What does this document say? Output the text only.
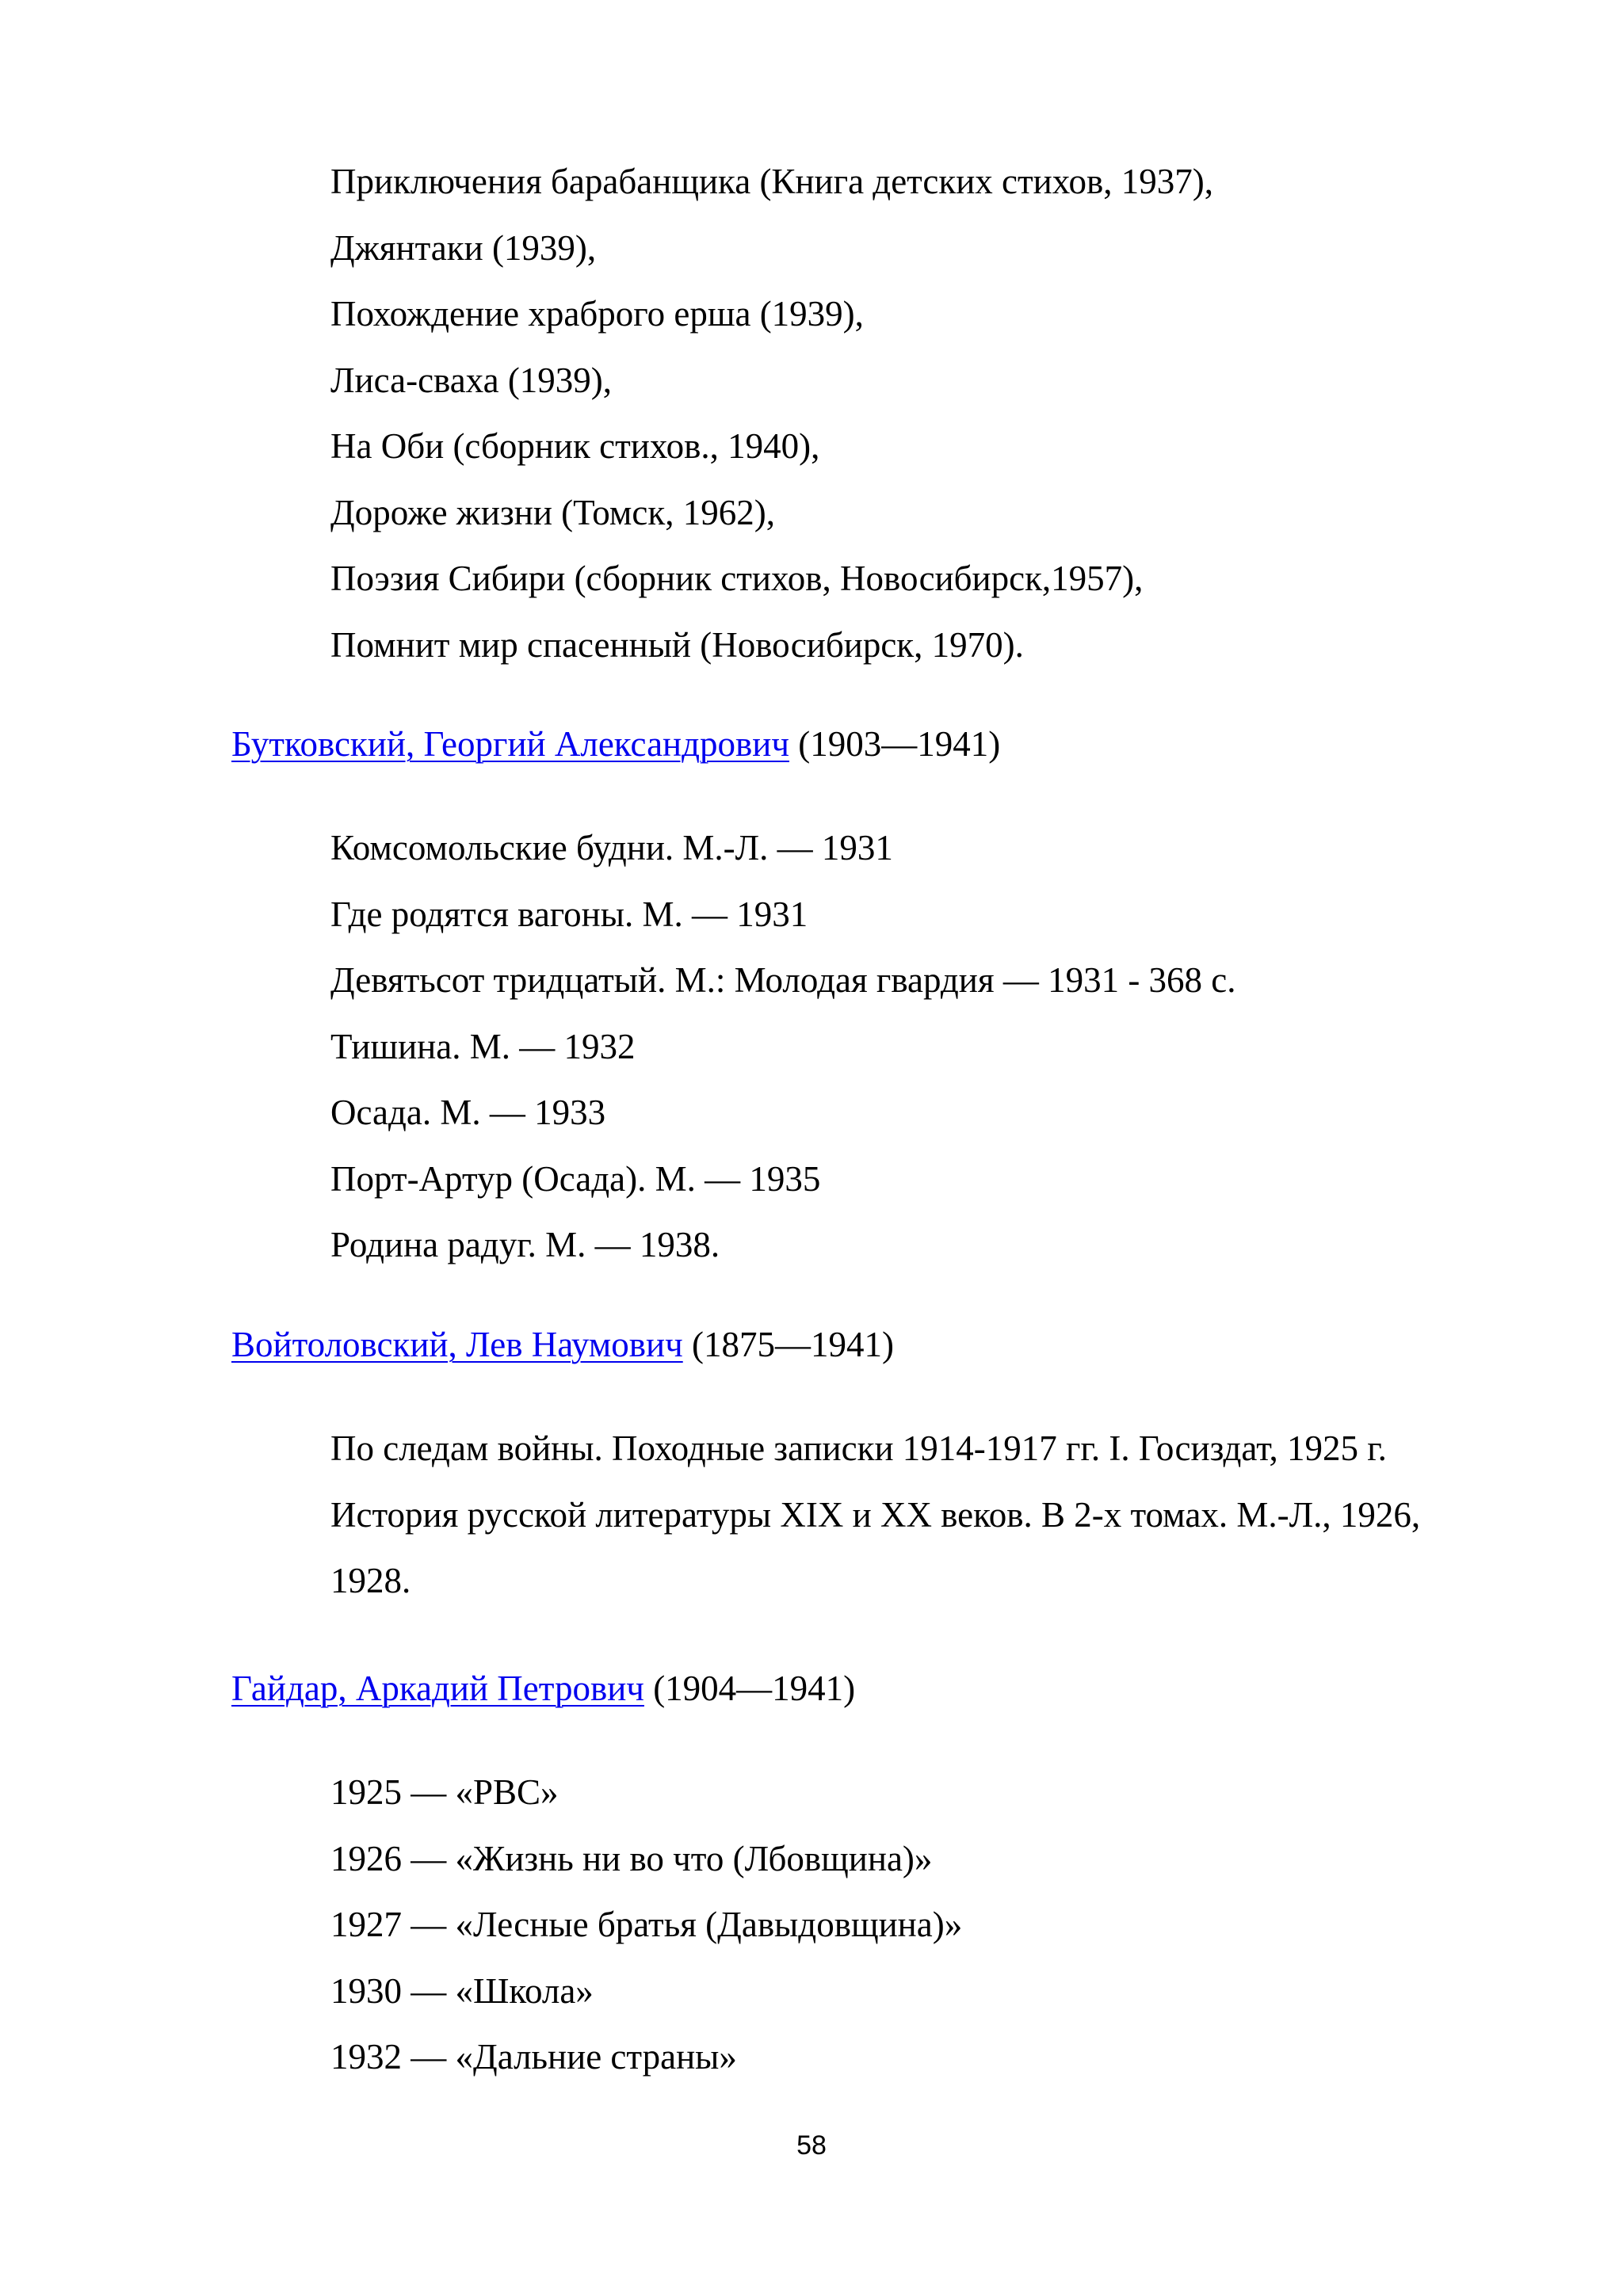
Приключения барабанщика (Книга детских стихов, 1937),
Джянтаки (1939),
Похождение храброго ерша (1939),
Лиса-сваха (1939),
На Оби (сборник стихов., 1940),
Дороже жизни (Томск, 1962),
Поэзия Сибири (сборник стихов, Новосибирск,1957),
Помнит мир спасенный (Новосибирск, 1970).
Бутковский, Георгий Александрович (1903—1941)
Комсомольские будни. М.-Л. — 1931
Где родятся вагоны. М. — 1931
Девятьсот тридцатый. М.: Молодая гвардия — 1931 - 368 с.
Тишина. М. — 1932
Осада. М. — 1933
Порт-Артур (Осада). М. — 1935
Родина радуг. М. — 1938.
Войтоловский, Лев Наумович (1875—1941)
По следам войны. Походные записки 1914-1917 гг. I. Госиздат, 1925 г.
История русской литературы XIX и XX веков. В 2-х томах. М.-Л., 1926,
1928.
Гайдар, Аркадий Петрович (1904—1941)
1925 — «РВС»
1926 — «Жизнь ни во что (Лбовщина)»
1927 — «Лесные братья (Давыдовщина)»
1930 — «Школа»
1932 — «Дальние страны»
58
